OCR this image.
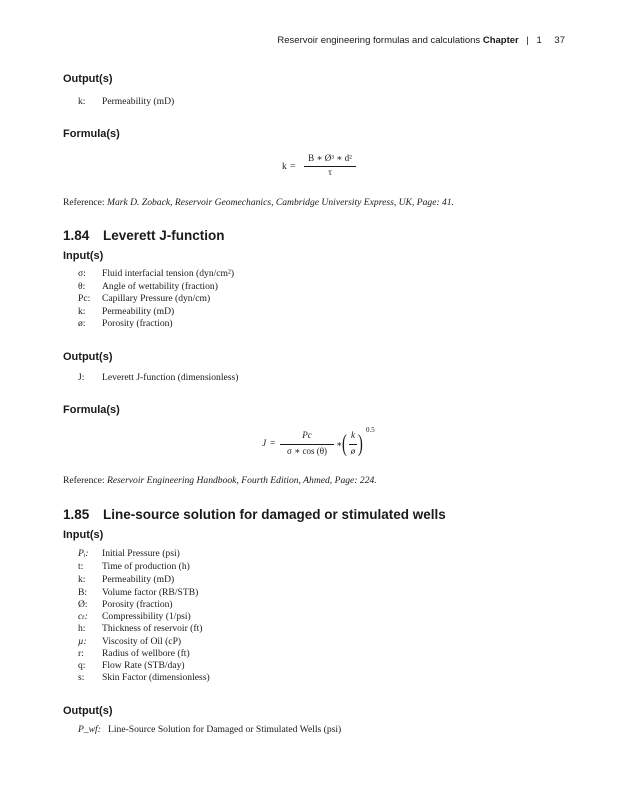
Reservoir engineering formulas and calculations Chapter | 1 37
Output(s)
k: Permeability (mD)
Formula(s)
k =
B ∗ Ø³ ∗ d²
τ
Reference: Mark D. Zoback, Reservoir Geomechanics, Cambridge University Express, UK, Page: 41.
1.84 Leverett J-function
Input(s)
σ: Fluid interfacial tension (dyn/cm²)
θ: Angle of wettability (fraction)
Pc: Capillary Pressure (dyn/cm)
k: Permeability (mD)
ø: Porosity (fraction)
Output(s)
J: Leverett J-function (dimensionless)
Formula(s)
J =
Pc
σ ∗ cos (θ)
∗ ( k
ø )
0.5
Reference: Reservoir Engineering Handbook, Fourth Edition, Ahmed, Page: 224.
1.85 Line-source solution for damaged or stimulated wells
Input(s)
Pᵢ: Initial Pressure (psi)
t: Time of production (h)
k: Permeability (mD)
B: Volume factor (RB/STB)
Ø: Porosity (fraction)
cₜ: Compressibility (1/psi)
h: Thickness of reservoir (ft)
µ: Viscosity of Oil (cP)
r: Radius of wellbore (ft)
q: Flow Rate (STB/day)
s: Skin Factor (dimensionless)
Output(s)
P_wf: Line-Source Solution for Damaged or Stimulated Wells (psi)
